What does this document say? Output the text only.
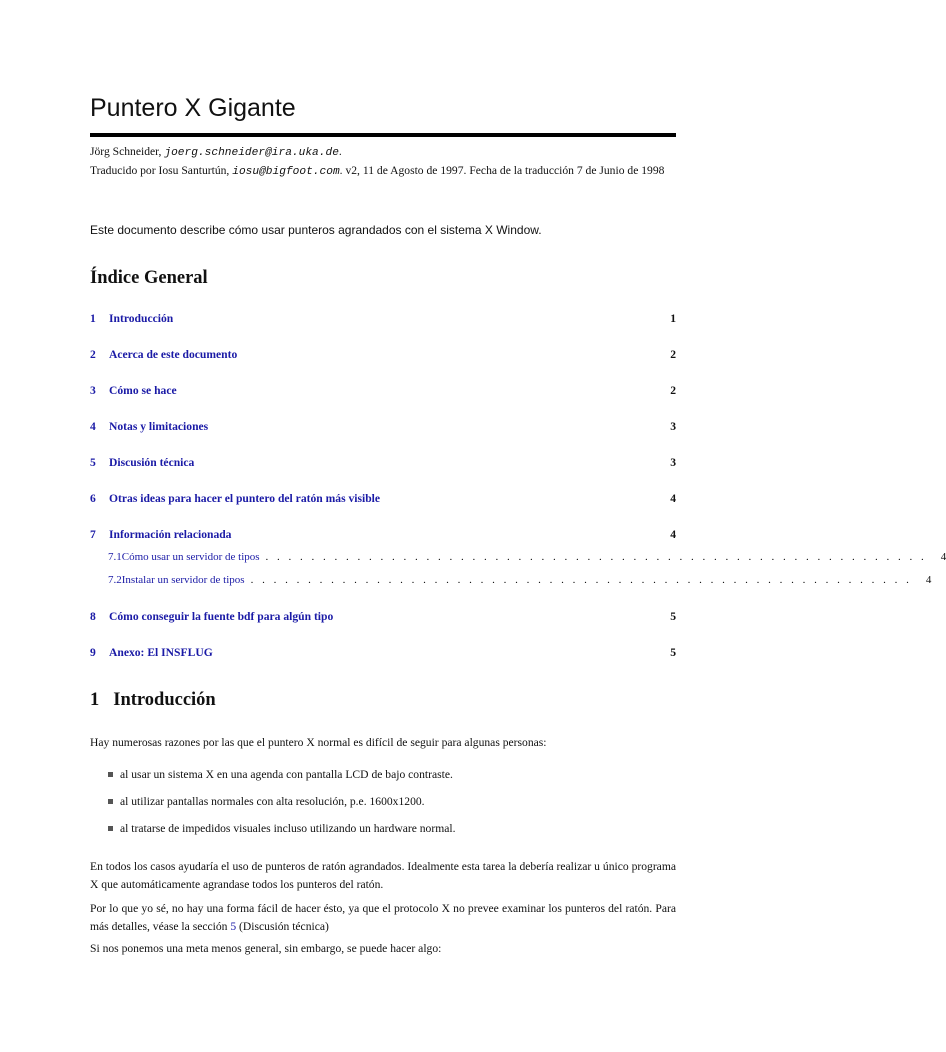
Puntero X Gigante
Jörg Schneider, joerg.schneider@ira.uka.de.
Traducido por Iosu Santurtún, iosu@bigfoot.com. v2, 11 de Agosto de 1997. Fecha de la traducción 7 de Junio de 1998
Este documento describe cómo usar punteros agrandados con el sistema X Window.
Índice General
1	Introducción	1
2	Acerca de este documento	2
3	Cómo se hace	2
4	Notas y limitaciones	3
5	Discusión técnica	3
6	Otras ideas para hacer el puntero del ratón más visible	4
7	Información relacionada	4
7.1 Cómo usar un servidor de tipos . . . . . . . . . . . . . . . . . . . . . . . . . . . . . . . . . . . . . . . . . . . . . . . . . . . . . . . . . .	4
7.2 Instalar un servidor de tipos . . . . . . . . . . . . . . . . . . . . . . . . . . . . . . . . . . . . . . . . . . . . . . . . . . . . . . . . . .	4
8	Cómo conseguir la fuente bdf para algún tipo	5
9	Anexo: El INSFLUG	5
1 Introducción
Hay numerosas razones por las que el puntero X normal es difícil de seguir para algunas personas:
al usar un sistema X en una agenda con pantalla LCD de bajo contraste.
al utilizar pantallas normales con alta resolución, p.e. 1600x1200.
al tratarse de impedidos visuales incluso utilizando un hardware normal.
En todos los casos ayudaría el uso de punteros de ratón agrandados. Idealmente esta tarea la debería realizar u único programa X que automáticamente agrandase todos los punteros del ratón.
Por lo que yo sé, no hay una forma fácil de hacer ésto, ya que el protocolo X no prevee examinar los punteros del ratón. Para más detalles, véase la sección 5 (Discusión técnica)
Si nos ponemos una meta menos general, sin embargo, se puede hacer algo:
